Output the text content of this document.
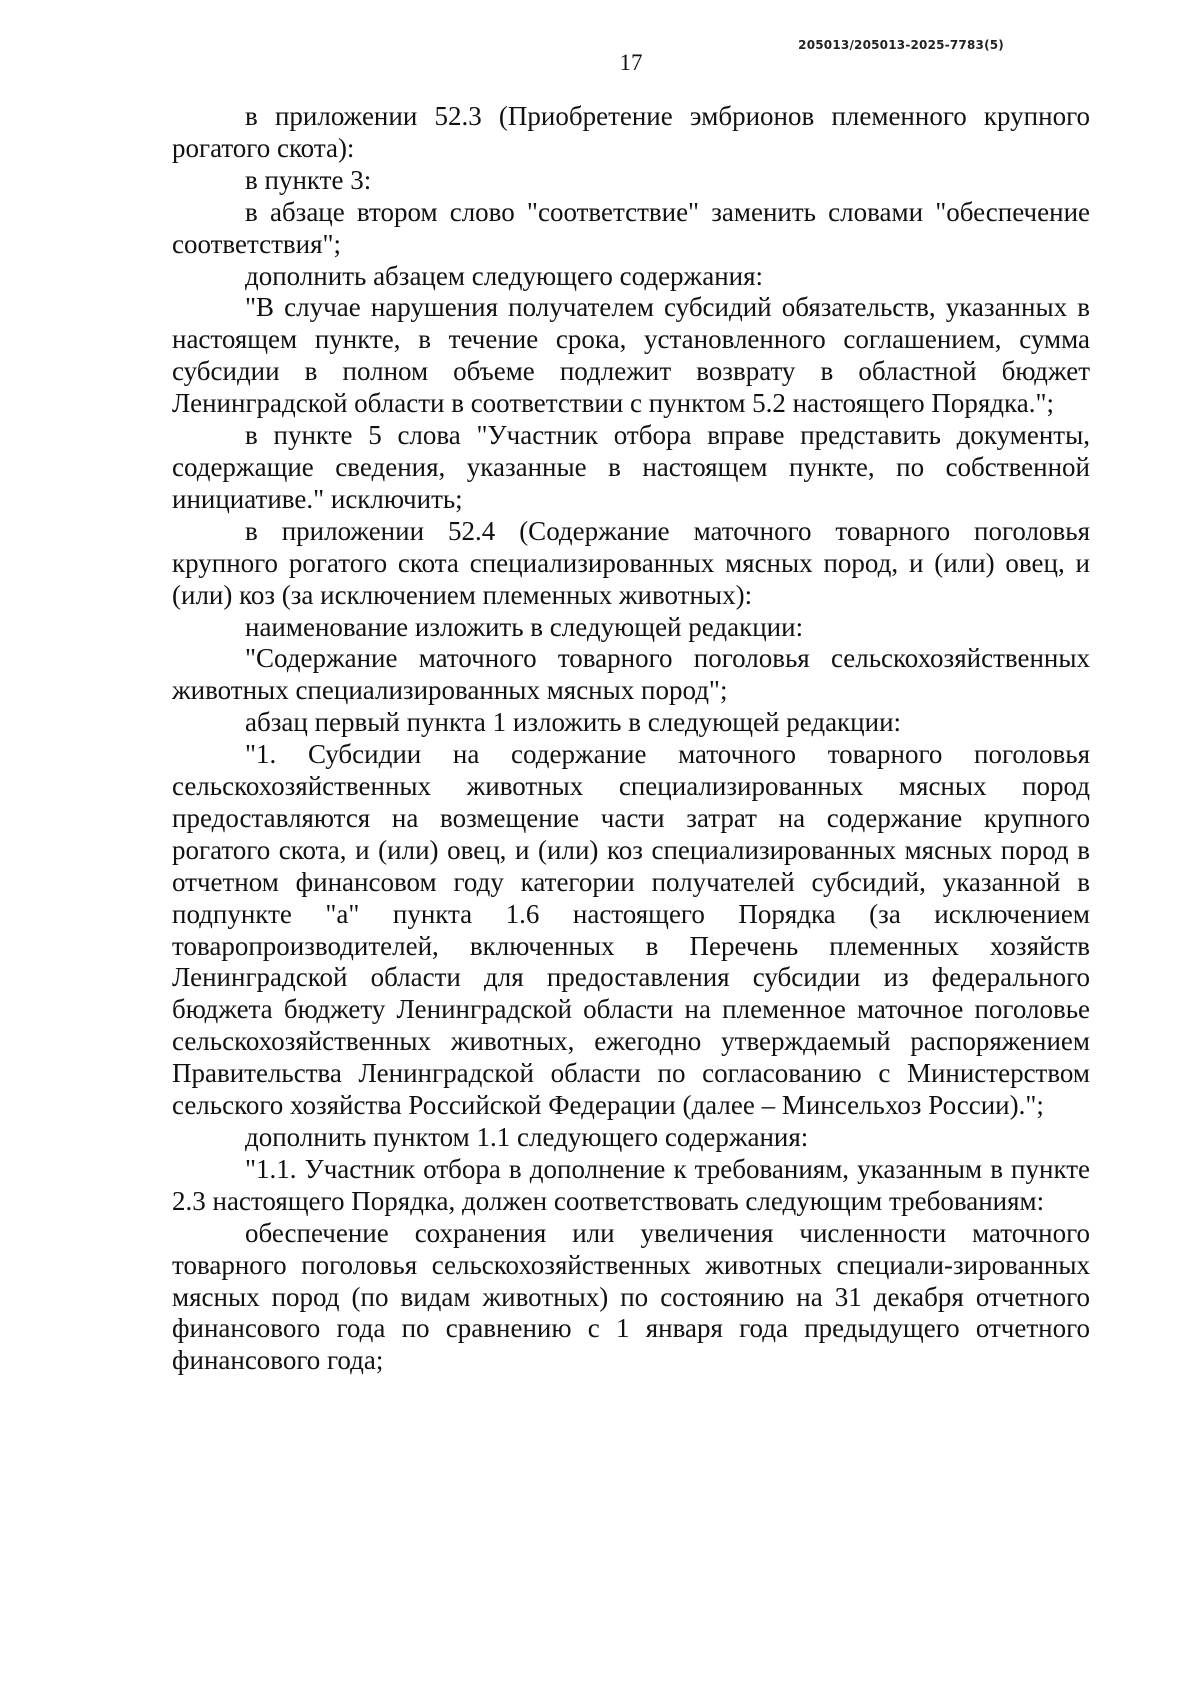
205013/205013-2025-7783(5)
17

в приложении 52.3 (Приобретение эмбрионов племенного крупного рогатого скота):

в пункте 3:

в абзаце втором слово "соответствие" заменить словами "обеспечение соответствия";

дополнить абзацем следующего содержания:

"В случае нарушения получателем субсидий обязательств, указанных в настоящем пункте, в течение срока, установленного соглашением, сумма субсидии в полном объеме подлежит возврату в областной бюджет Ленинградской области в соответствии с пунктом 5.2 настоящего Порядка.";

в пункте 5 слова "Участник отбора вправе представить документы, содержащие сведения, указанные в настоящем пункте, по собственной инициативе." исключить;

в приложении 52.4 (Содержание маточного товарного поголовья крупного рогатого скота специализированных мясных пород, и (или) овец, и (или) коз (за исключением племенных животных):

наименование изложить в следующей редакции:

"Содержание маточного товарного поголовья сельскохозяйственных животных специализированных мясных пород";

абзац первый пункта 1 изложить в следующей редакции:

"1. Субсидии на содержание маточного товарного поголовья сельскохозяйственных животных специализированных мясных пород предоставляются на возмещение части затрат на содержание крупного рогатого скота, и (или) овец, и (или) коз специализированных мясных пород в отчетном финансовом году категории получателей субсидий, указанной в подпункте "а" пункта 1.6 настоящего Порядка (за исключением товаропроизводителей, включенных в Перечень племенных хозяйств Ленинградской области для предоставления субсидии из федерального бюджета бюджету Ленинградской области на племенное маточное поголовье сельскохозяйственных животных, ежегодно утверждаемый распоряжением Правительства Ленинградской области по согласованию с Министерством сельского хозяйства Российской Федерации (далее – Минсельхоз России).";

дополнить пунктом 1.1 следующего содержания:

"1.1. Участник отбора в дополнение к требованиям, указанным в пункте 2.3 настоящего Порядка, должен соответствовать следующим требованиям:

обеспечение сохранения или увеличения численности маточного товарного поголовья сельскохозяйственных животных специали-зированных мясных пород (по видам животных) по состоянию на 31 декабря отчетного финансового года по сравнению с 1 января года предыдущего отчетного финансового года;
